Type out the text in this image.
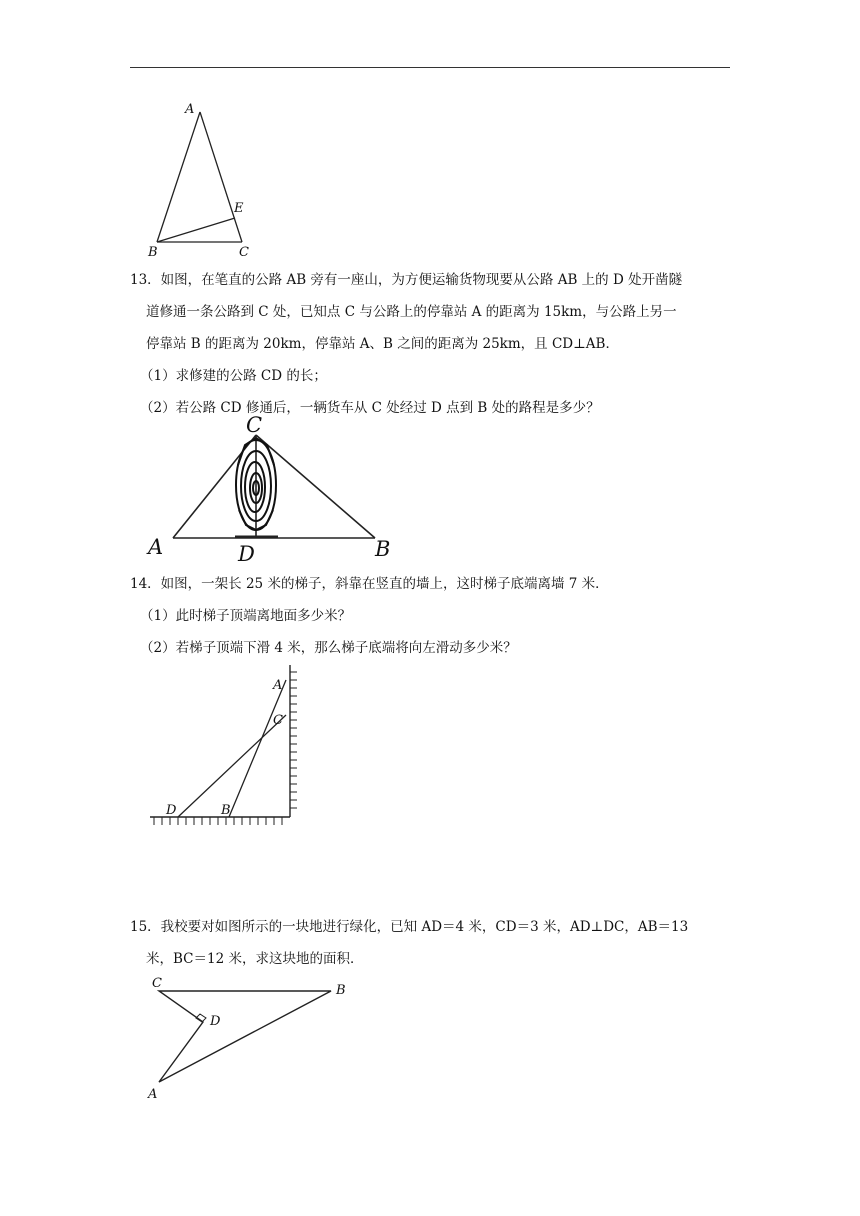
A
E
B	C
13．如图，在笔直的公路 AB 旁有一座山，为方便运输货物现要从公路 AB 上的 D 处开凿隧
道修通一条公路到 C 处，已知点 C 与公路上的停靠站 A 的距离为 15km，与公路上另一
停靠站 B 的距离为 20km，停靠站 A、B 之间的距离为 25km，且 CD⊥AB．
（1）求修建的公路 CD 的长；
（2）若公路 CD 修通后，一辆货车从 C 处经过 D 点到 B 处的路程是多少？
C
A	D	B
14．如图，一架长 25 米的梯子，斜靠在竖直的墙上，这时梯子底端离墙 7 米．
（1）此时梯子顶端离地面多少米？
（2）若梯子顶端下滑 4 米，那么梯子底端将向左滑动多少米？
A
C
D	B
15．我校要对如图所示的一块地进行绿化，已知 AD＝4 米，CD＝3 米，AD⊥DC，AB＝13
米，BC＝12 米，求这块地的面积．
C	B
D
A
